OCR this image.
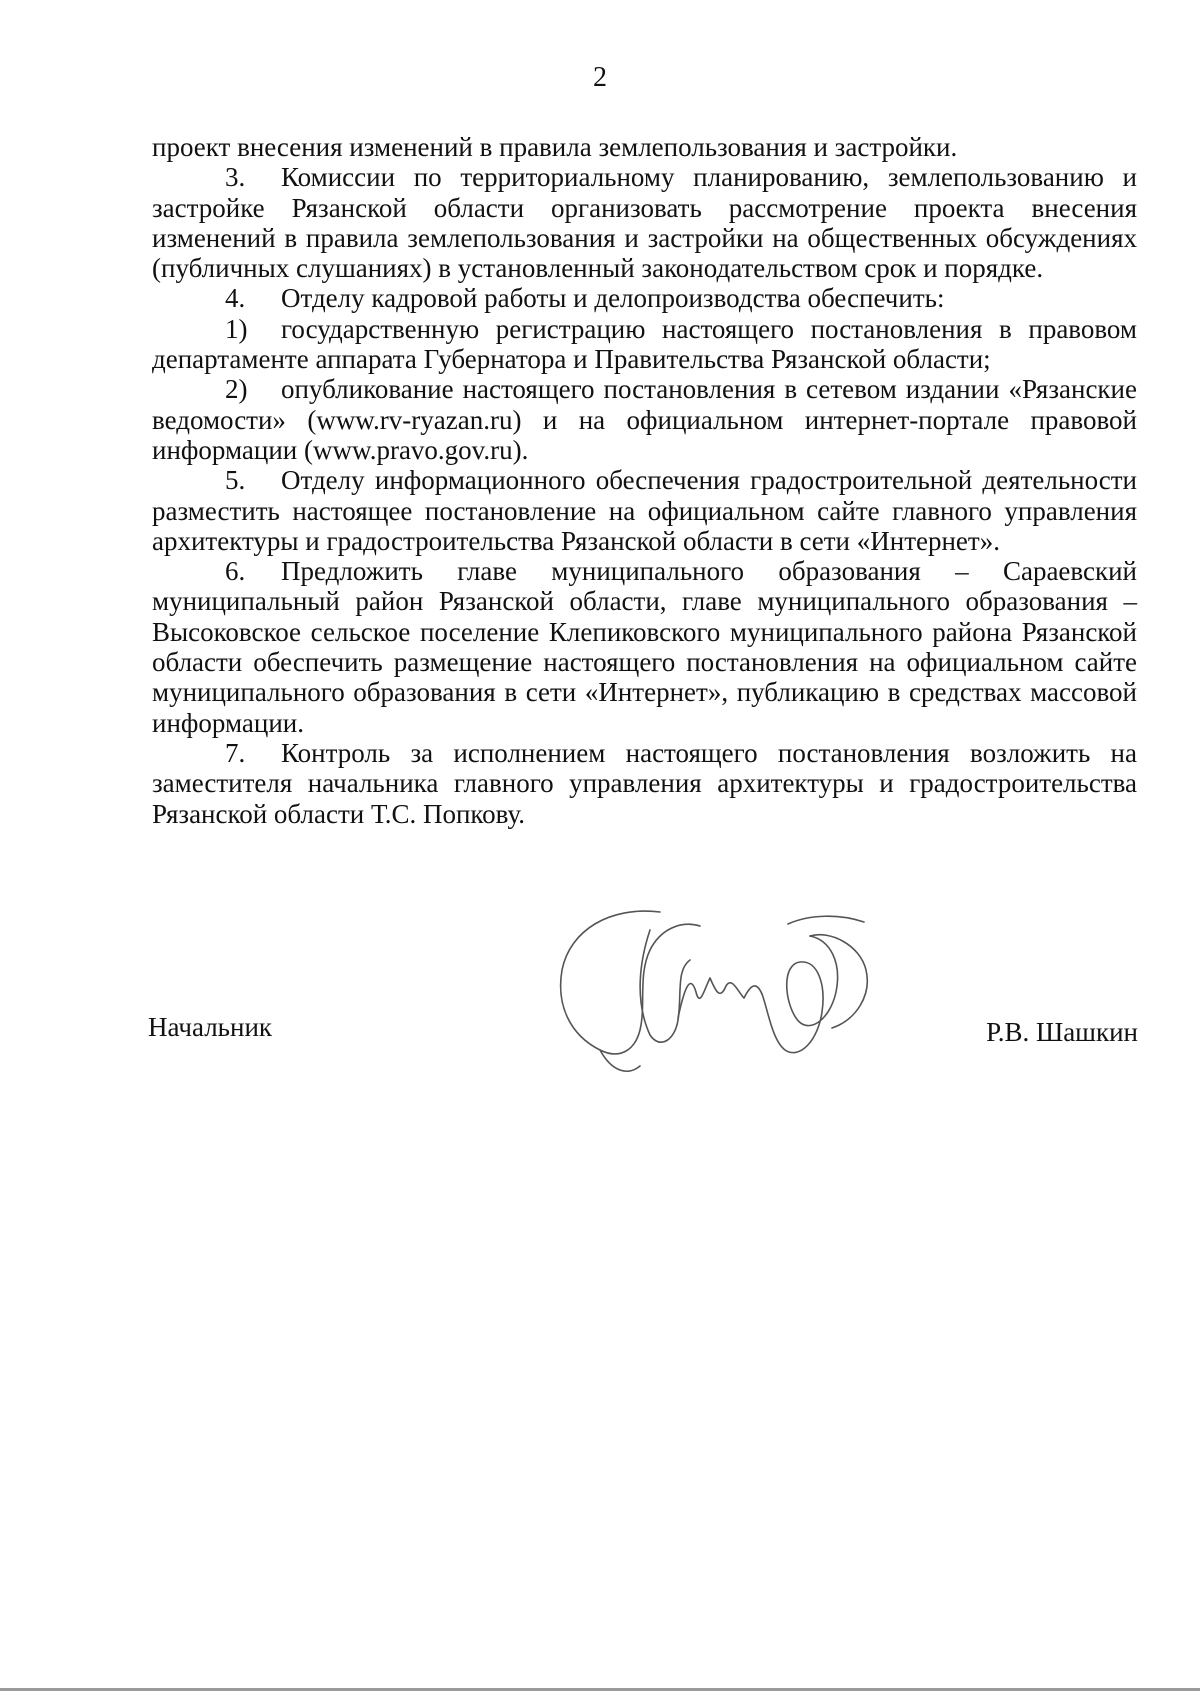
2

проект внесения изменений в правила землепользования и застройки.

3. Комиссии по территориальному планированию, землепользованию и застройке Рязанской области организовать рассмотрение проекта внесения изменений в правила землепользования и застройки на общественных обсуждениях (публичных слушаниях) в установленный законодательством срок и порядке.

4. Отделу кадровой работы и делопроизводства обеспечить:

1) государственную регистрацию настоящего постановления в правовом департаменте аппарата Губернатора и Правительства Рязанской области;

2) опубликование настоящего постановления в сетевом издании «Рязанские ведомости» (www.rv-ryazan.ru) и на официальном интернет-портале правовой информации (www.pravo.gov.ru).

5. Отделу информационного обеспечения градостроительной деятельности разместить настоящее постановление на официальном сайте главного управления архитектуры и градостроительства Рязанской области в сети «Интернет».

6. Предложить главе муниципального образования – Сараевский муниципальный район Рязанской области, главе муниципального образования – Высоковское сельское поселение Клепиковского муниципального района Рязанской области обеспечить размещение настоящего постановления на официальном сайте муниципального образования в сети «Интернет», публикацию в средствах массовой информации.

7. Контроль за исполнением настоящего постановления возложить на заместителя начальника главного управления архитектуры и градостроительства Рязанской области Т.С. Попкову.

Начальник	Р.В. Шашкин
